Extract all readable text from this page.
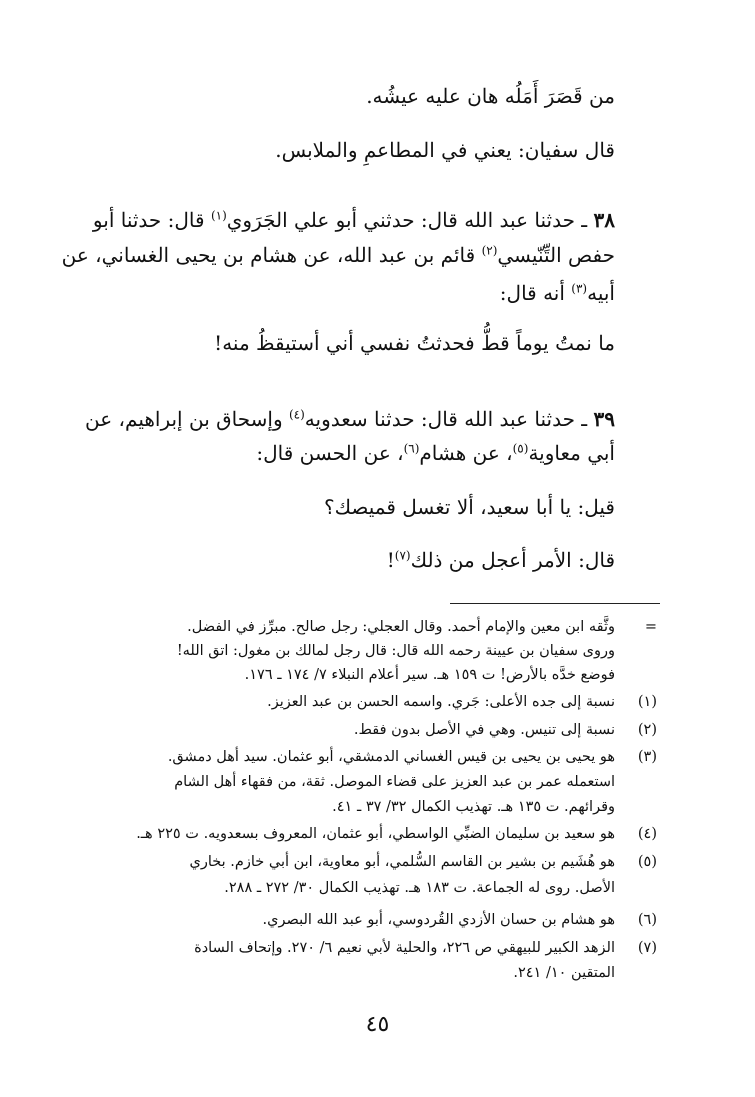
من قَصَرَ أَمَلُه هان عليه عيشُه.
قال سفيان: يعني في المطاعمِ والملابس.
٣٨ ـ حدثنا عبد الله قال: حدثني أبو علي الجَرَوي$^{(١)}$ قال: حدثنا أبو
حفص التِّنّيسي$^{(٢)}$ قائم بن عبد الله، عن هشام بن يحيى الغساني، عن
أبيه$^{(٣)}$ أنه قال:
ما نمتُ يوماً قطُّ فحدثتُ نفسي أني أستيقظُ منه!
٣٩ ـ حدثنا عبد الله قال: حدثنا سعدويه$^{(٤)}$ وإسحاق بن إبراهيم، عن
أبي معاوية$^{(٥)}$، عن هشام$^{(٦)}$، عن الحسن قال:
قيل: يا أبا سعيد، ألا تغسل قميصك؟
قال: الأمر أعجل من ذلك$^{(٧)}$!
=
وثَّقه ابن معين والإمام أحمد. وقال العجلي: رجل صالح. مبرِّز في الفضل.
وروى سفيان بن عيينة رحمه الله قال: قال رجل لمالك بن مغول: اتق الله!
فوضع خدَّه بالأرض! ت ١٥٩ هـ. سير أعلام النبلاء ٧/ ١٧٤ ـ ١٧٦.
(١)
نسبة إلى جده الأعلى: جَري. واسمه الحسن بن عبد العزيز.
(٢)
نسبة إلى تنيس. وهي في الأصل بدون فقط.
(٣)
هو يحيى بن يحيى بن قيس الغساني الدمشقي، أبو عثمان. سيد أهل دمشق.
استعمله عمر بن عبد العزيز على قضاء الموصل. ثقة، من فقهاء أهل الشام
وقرائهم. ت ١٣٥ هـ. تهذيب الكمال ٣٢/ ٣٧ ـ ٤١.
(٤)
هو سعيد بن سليمان الضبِّي الواسطي، أبو عثمان، المعروف بسعدويه. ت ٢٢٥ هـ.
(٥)
هو هُشَيم بن بشير بن القاسم السُّلمي، أبو معاوية، ابن أبي خازم. بخاري
الأصل. روى له الجماعة. ت ١٨٣ هـ. تهذيب الكمال ٣٠/ ٢٧٢ ـ ٢٨٨.
(٦)
هو هشام بن حسان الأزدي القُردوسي، أبو عبد الله البصري.
(٧)
الزهد الكبير للبيهقي ص ٢٢٦، والحلية لأبي نعيم ٦/ ٢٧٠. وإتحاف السادة
المتقين ١٠/ ٢٤١.
٤٥
